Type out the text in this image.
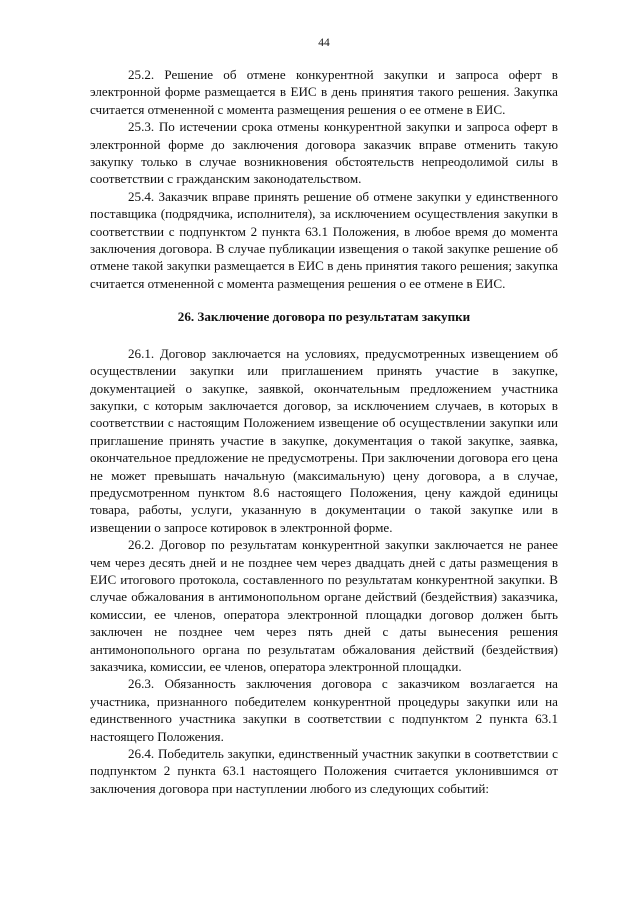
44

25.2. Решение об отмене конкурентной закупки и запроса оферт в электронной форме размещается в ЕИС в день принятия такого решения. Закупка считается отмененной с момента размещения решения о ее отмене в ЕИС.

25.3. По истечении срока отмены конкурентной закупки и запроса оферт в электронной форме до заключения договора заказчик вправе отменить такую закупку только в случае возникновения обстоятельств непреодолимой силы в соответствии с гражданским законодательством.

25.4. Заказчик вправе принять решение об отмене закупки у единственного поставщика (подрядчика, исполнителя), за исключением осуществления закупки в соответствии с подпунктом 2 пункта 63.1 Положения, в любое время до момента заключения договора. В случае публикации извещения о такой закупке решение об отмене такой закупки размещается в ЕИС в день принятия такого решения; закупка считается отмененной с момента размещения решения о ее отмене в ЕИС.

26. Заключение договора по результатам закупки

26.1. Договор заключается на условиях, предусмотренных извещением об осуществлении закупки или приглашением принять участие в закупке, документацией о закупке, заявкой, окончательным предложением участника закупки, с которым заключается договор, за исключением случаев, в которых в соответствии с настоящим Положением извещение об осуществлении закупки или приглашение принять участие в закупке, документация о такой закупке, заявка, окончательное предложение не предусмотрены. При заключении договора его цена не может превышать начальную (максимальную) цену договора, а в случае, предусмотренном пунктом 8.6 настоящего Положения, цену каждой единицы товара, работы, услуги, указанную в документации о такой закупке или в извещении о запросе котировок в электронной форме.

26.2. Договор по результатам конкурентной закупки заключается не ранее чем через десять дней и не позднее чем через двадцать дней с даты размещения в ЕИС итогового протокола, составленного по результатам конкурентной закупки. В случае обжалования в антимонопольном органе действий (бездействия) заказчика, комиссии, ее членов, оператора электронной площадки договор должен быть заключен не позднее чем через пять дней с даты вынесения решения антимонопольного органа по результатам обжалования действий (бездействия) заказчика, комиссии, ее членов, оператора электронной площадки.

26.3. Обязанность заключения договора с заказчиком возлагается на участника, признанного победителем конкурентной процедуры закупки или на единственного участника закупки в соответствии с подпунктом 2 пункта 63.1 настоящего Положения.

26.4. Победитель закупки, единственный участник закупки в соответствии с подпунктом 2 пункта 63.1 настоящего Положения считается уклонившимся от заключения договора при наступлении любого из следующих событий:
